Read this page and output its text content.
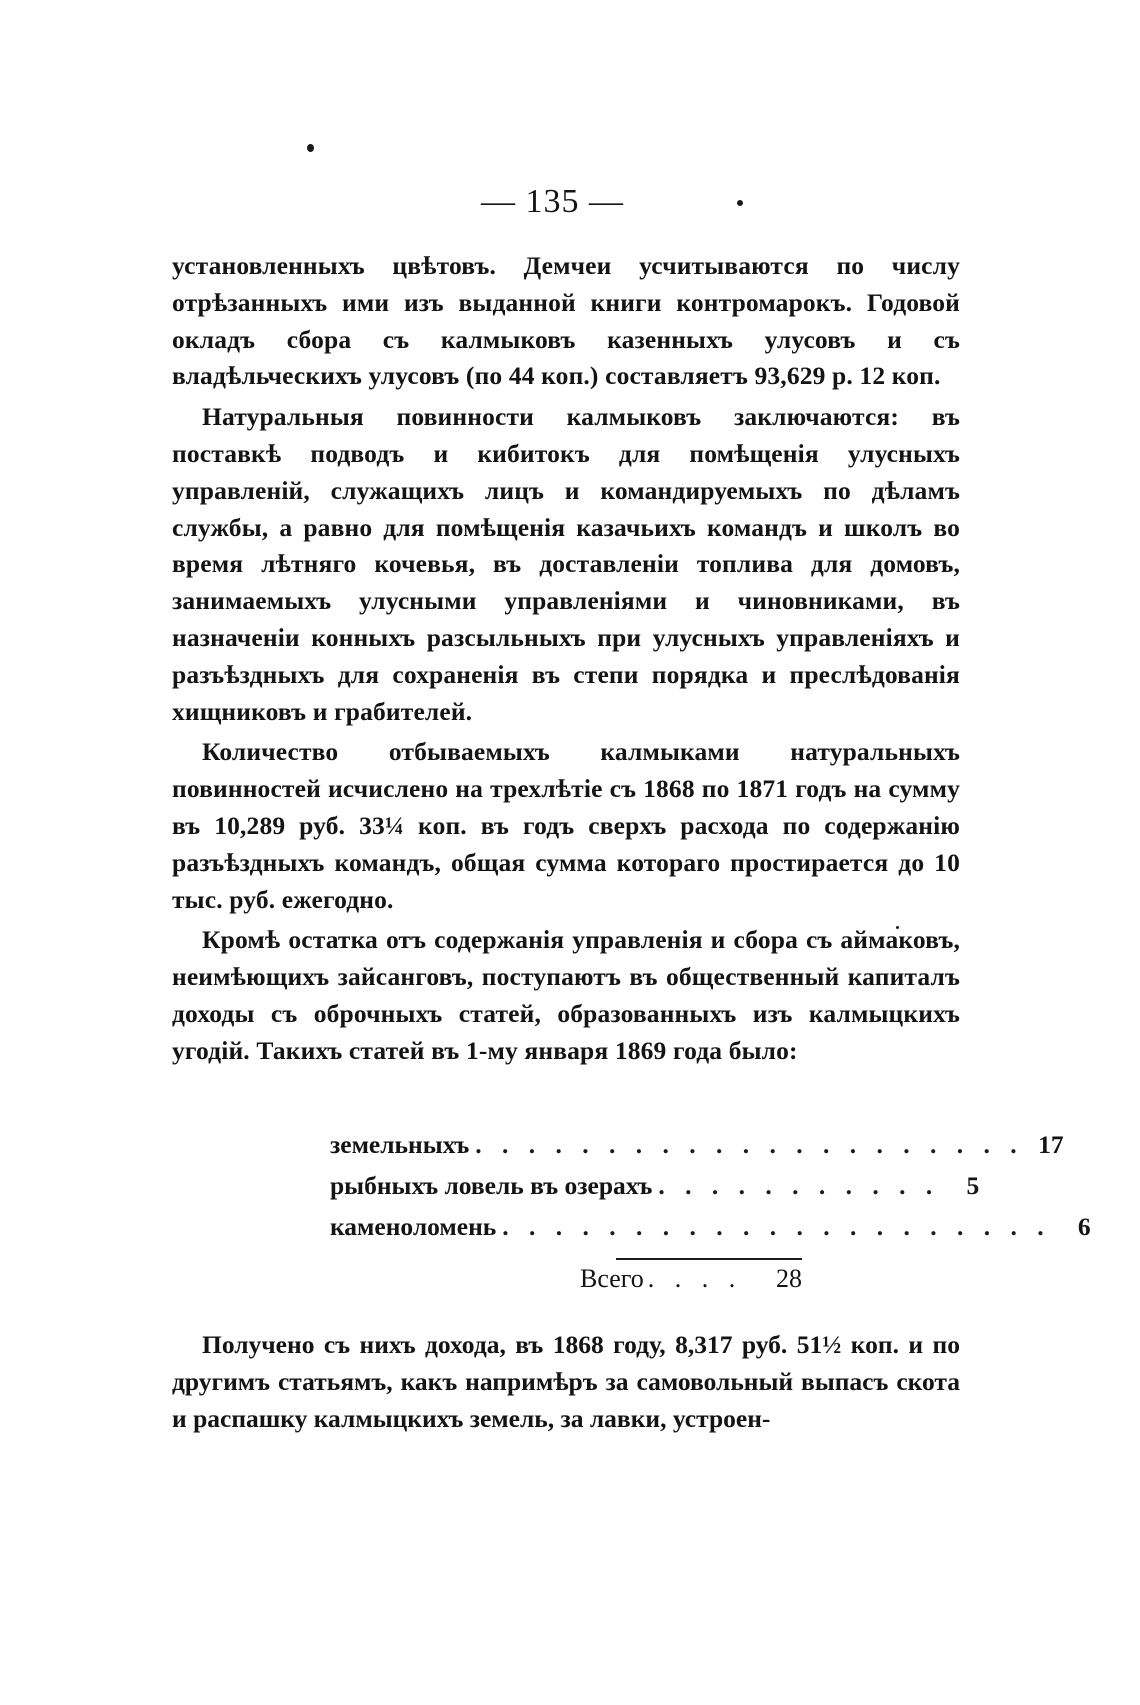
— 135 —

установленныхъ цвѣтовъ. Демчеи усчитываются по числу отрѣзанныхъ ими изъ выданной книги контромарокъ. Годовой окладъ сбора съ калмыковъ казенныхъ улусовъ и съ владѣльческихъ улусовъ (по 44 коп.) составляетъ 93,629 р. 12 коп.

Натуральныя повинности калмыковъ заключаются: въ поставкѣ подводъ и кибитокъ для помѣщенія улусныхъ управленій, служащихъ лицъ и командируемыхъ по дѣламъ службы, а равно для помѣщенія казачьихъ командъ и школъ во время лѣтняго кочевья, въ доставленіи топлива для домовъ, занимаемыхъ улусными управленіями и чиновниками, въ назначеніи конныхъ разсыльныхъ при улусныхъ управленіяхъ и разъѣздныхъ для сохраненія въ степи порядка и преслѣдованія хищниковъ и грабителей.

Количество отбываемыхъ калмыками натуральныхъ повинностей исчислено на трехлѣтіе съ 1868 по 1871 годъ на сумму въ 10,289 руб. 33¼ коп. въ годъ сверхъ расхода по содержанію разъѣздныхъ командъ, общая сумма котораго простирается до 10 тыс. руб. ежегодно.

Кромѣ остатка отъ содержанія управленія и сбора съ аймаковъ, неимѣющихъ зайсанговъ, поступаютъ въ общественный капиталъ доходы съ оброчныхъ статей, образованныхъ изъ калмыцкихъ угодій. Такихъ статей въ 1-му января 1869 года было:

земельныхъ . . . . . . . . . . . . . . . . . . . . . 17
рыбныхъ ловель въ озерахъ . . . . . . . . . . .	5
каменоломень . . . . . . . . . . . . . . . . . . . . .	6
Всего . . . .	28

Получено съ нихъ дохода, въ 1868 году, 8,317 руб. 51½ коп. и по другимъ статьямъ, какъ напримѣръ за самовольный выпасъ скота и распашку калмыцкихъ земель, за лавки, устроен-
